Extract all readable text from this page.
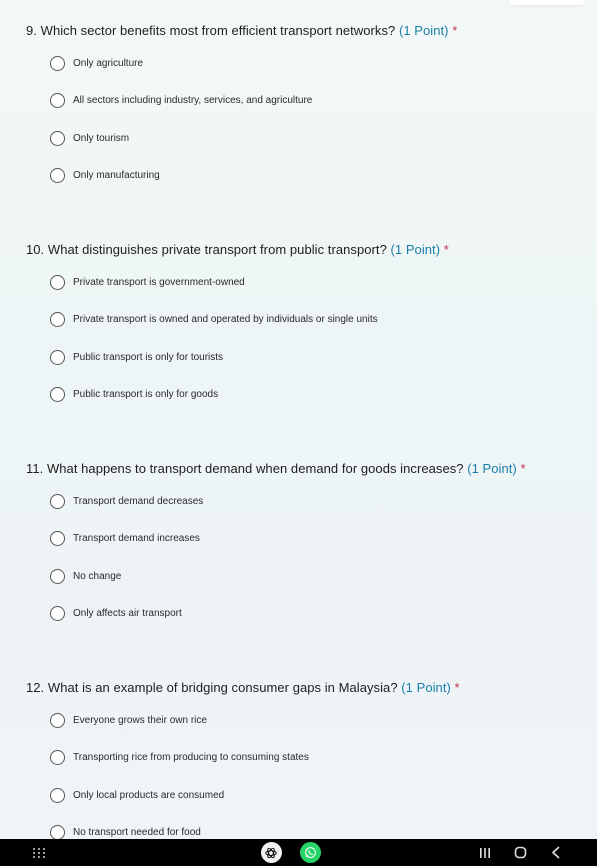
9. Which sector benefits most from efficient transport networks? (1 Point) *
Only agriculture
All sectors including industry, services, and agriculture
Only tourism
Only manufacturing
10. What distinguishes private transport from public transport? (1 Point) *
Private transport is government-owned
Private transport is owned and operated by individuals or single units
Public transport is only for tourists
Public transport is only for goods
11. What happens to transport demand when demand for goods increases? (1 Point) *
Transport demand decreases
Transport demand increases
No change
Only affects air transport
12. What is an example of bridging consumer gaps in Malaysia? (1 Point) *
Everyone grows their own rice
Transporting rice from producing to consuming states
Only local products are consumed
No transport needed for food
